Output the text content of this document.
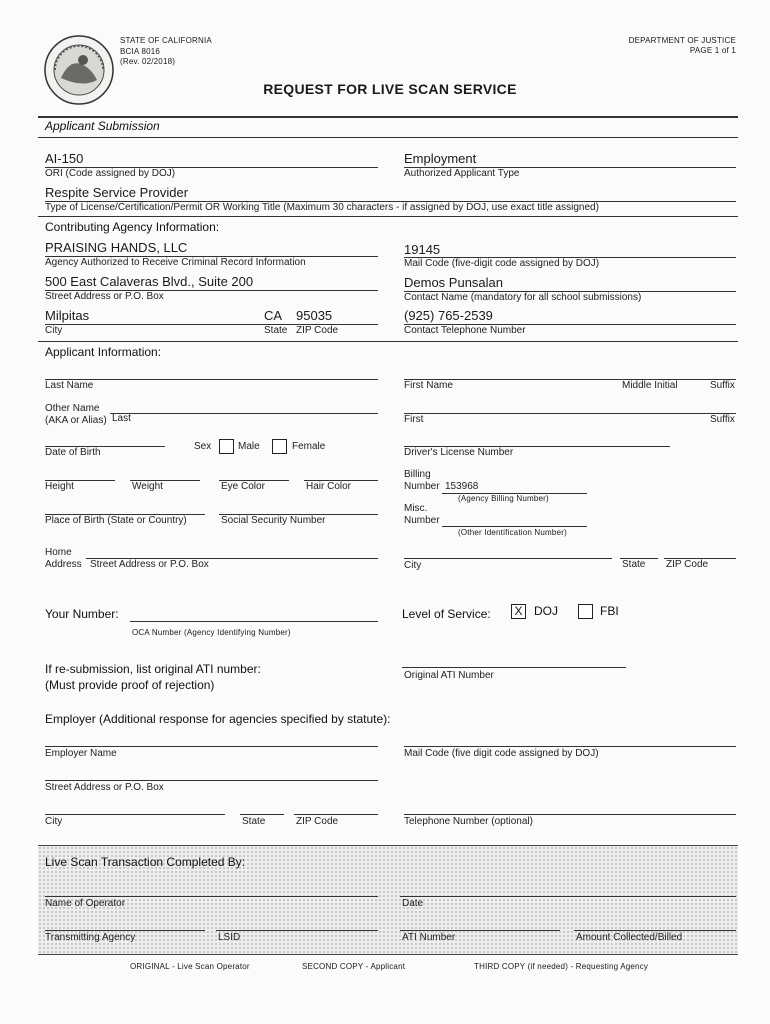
STATE OF CALIFORNIA
BCIA 8016
(Rev. 02/2018)
DEPARTMENT OF JUSTICE
PAGE 1 of 1
REQUEST FOR LIVE SCAN SERVICE
Applicant Submission
AI-150
ORI (Code assigned by DOJ)
Employment
Authorized Applicant Type
Respite Service Provider
Type of License/Certification/Permit OR Working Title (Maximum 30 characters - if assigned by DOJ, use exact title assigned)
Contributing Agency Information:
PRAISING HANDS, LLC
Agency Authorized to Receive Criminal Record Information
19145
Mail Code (five-digit code assigned by DOJ)
500 East Calaveras Blvd., Suite 200
Street Address or P.O. Box
Demos Punsalan
Contact Name (mandatory for all school submissions)
Milpitas	CA 95035
City	State ZIP Code
(925) 765-2539
Contact Telephone Number
Applicant Information:
Last Name	First Name	Middle Initial	Suffix
Other Name
(AKA or Alias) Last	First	Suffix
Date of Birth
Sex	Male	Female
Driver's License Number
Height	Weight	Eye Color	Hair Color
Billing
Number 153968
(Agency Billing Number)
Place of Birth (State or Country)	Social Security Number
Misc.
Number
(Other Identification Number)
Home
Address Street Address or P.O. Box	City	State ZIP Code
Your Number:
OCA Number (Agency Identifying Number)
Level of Service: X DOJ	FBI
If re-submission, list original ATI number:
(Must provide proof of rejection)
Original ATI Number
Employer (Additional response for agencies specified by statute):
Employer Name	Mail Code (five digit code assigned by DOJ)
Street Address or P.O. Box
City	State	ZIP Code	Telephone Number (optional)
Live Scan Transaction Completed By:
Name of Operator	Date
Transmitting Agency	LSID	ATI Number	Amount Collected/Billed
ORIGINAL - Live Scan Operator	SECOND COPY - Applicant	THIRD COPY (if needed) - Requesting Agency
